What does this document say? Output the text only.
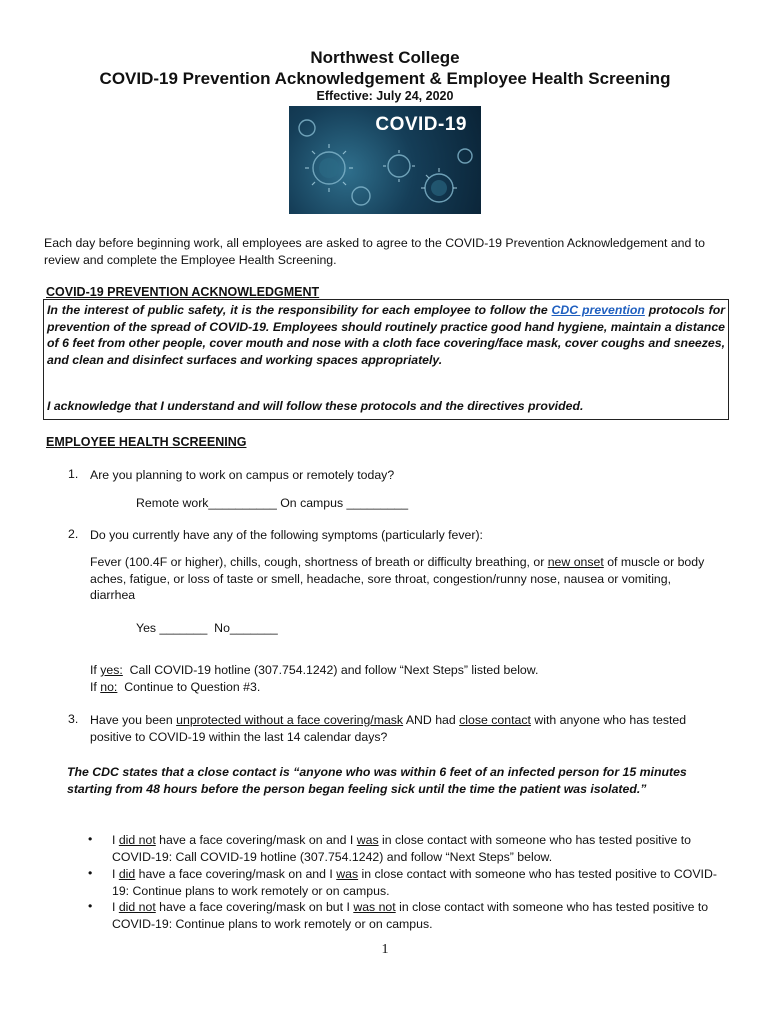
Northwest College
COVID-19 Prevention Acknowledgement & Employee Health Screening
Effective: July 24, 2020
COVID-19
Each day before beginning work, all employees are asked to agree to the COVID-19 Prevention Acknowledgement and to review and complete the Employee Health Screening.
COVID-19 PREVENTION ACKNOWLEDGMENT
In the interest of public safety, it is the responsibility for each employee to follow the CDC prevention protocols for prevention of the spread of COVID-19. Employees should routinely practice good hand hygiene, maintain a distance of 6 feet from other people, cover mouth and nose with a cloth face covering/face mask, cover coughs and sneezes, and clean and disinfect surfaces and working spaces appropriately.
I acknowledge that I understand and will follow these protocols and the directives provided.
EMPLOYEE HEALTH SCREENING
1. Are you planning to work on campus or remotely today?
Remote work__________ On campus _________
2. Do you currently have any of the following symptoms (particularly fever):
Fever (100.4F or higher), chills, cough, shortness of breath or difficulty breathing, or new onset of muscle or body aches, fatigue, or loss of taste or smell, headache, sore throat, congestion/runny nose, nausea or vomiting, diarrhea
Yes _______  No_______
If yes:  Call COVID-19 hotline (307.754.1242) and follow “Next Steps” listed below.
If no:  Continue to Question #3.
3. Have you been unprotected without a face covering/mask AND had close contact with anyone who has tested positive to COVID-19 within the last 14 calendar days?
The CDC states that a close contact is “anyone who was within 6 feet of an infected person for 15 minutes starting from 48 hours before the person began feeling sick until the time the patient was isolated.”
• I did not have a face covering/mask on and I was in close contact with someone who has tested positive to COVID-19: Call COVID-19 hotline (307.754.1242) and follow “Next Steps” below.
• I did have a face covering/mask on and I was in close contact with someone who has tested positive to COVID-19: Continue plans to work remotely or on campus.
• I did not have a face covering/mask on but I was not in close contact with someone who has tested positive to COVID-19: Continue plans to work remotely or on campus.
1
